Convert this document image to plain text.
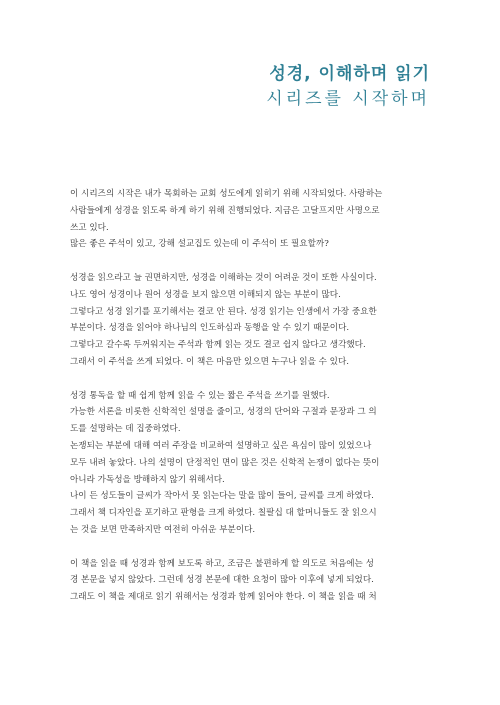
성경, 이해하며 읽기
시리즈를 시작하며
이 시리즈의 시작은 내가 목회하는 교회 성도에게 읽히기 위해 시작되었다. 사랑하는
사람들에게 성경을 읽도록 하게 하기 위해 진행되었다. 지금은 고달프지만 사명으로
쓰고 있다.
많은 좋은 주석이 있고, 강해 설교집도 있는데 이 주석이 또 필요할까?
성경을 읽으라고 늘 권면하지만, 성경을 이해하는 것이 어려운 것이 또한 사실이다.
나도 영어 성경이나 원어 성경을 보지 않으면 이해되지 않는 부분이 많다.
그렇다고 성경 읽기를 포기해서는 결코 안 된다. 성경 읽기는 인생에서 가장 중요한
부분이다. 성경을 읽어야 하나님의 인도하심과 동행을 알 수 있기 때문이다.
그렇다고 갈수록 두꺼워지는 주석과 함께 읽는 것도 결코 쉽지 않다고 생각했다.
그래서 이 주석을 쓰게 되었다. 이 책은 마음만 있으면 누구나 읽을 수 있다.
성경 통독을 할 때 쉽게 함께 읽을 수 있는 짧은 주석을 쓰기를 원했다.
가능한 서론을 비롯한 신학적인 설명을 줄이고, 성경의 단어와 구절과 문장과 그 의
도를 설명하는 데 집중하였다.
논쟁되는 부분에 대해 여러 주장을 비교하여 설명하고 싶은 욕심이 많이 있었으나
모두 내려 놓았다. 나의 설명이 단정적인 면이 많은 것은 신학적 논쟁이 없다는 뜻이
아니라 가독성을 방해하지 않기 위해서다.
나이 든 성도들이 글씨가 작아서 못 읽는다는 말을 많이 들어, 글씨를 크게 하였다.
그래서 책 디자인을 포기하고 판형을 크게 하였다. 칠팔십 대 할머니들도 잘 읽으시
는 것을 보면 만족하지만 여전히 아쉬운 부분이다.
이 책을 읽을 때 성경과 함께 보도록 하고, 조금은 불편하게 할 의도로 처음에는 성
경 본문을 넣지 않았다. 그런데 성경 본문에 대한 요청이 많아 이후에 넣게 되었다.
그래도 이 책을 제대로 읽기 위해서는 성경과 함께 읽어야 한다. 이 책을 읽을 때 처
